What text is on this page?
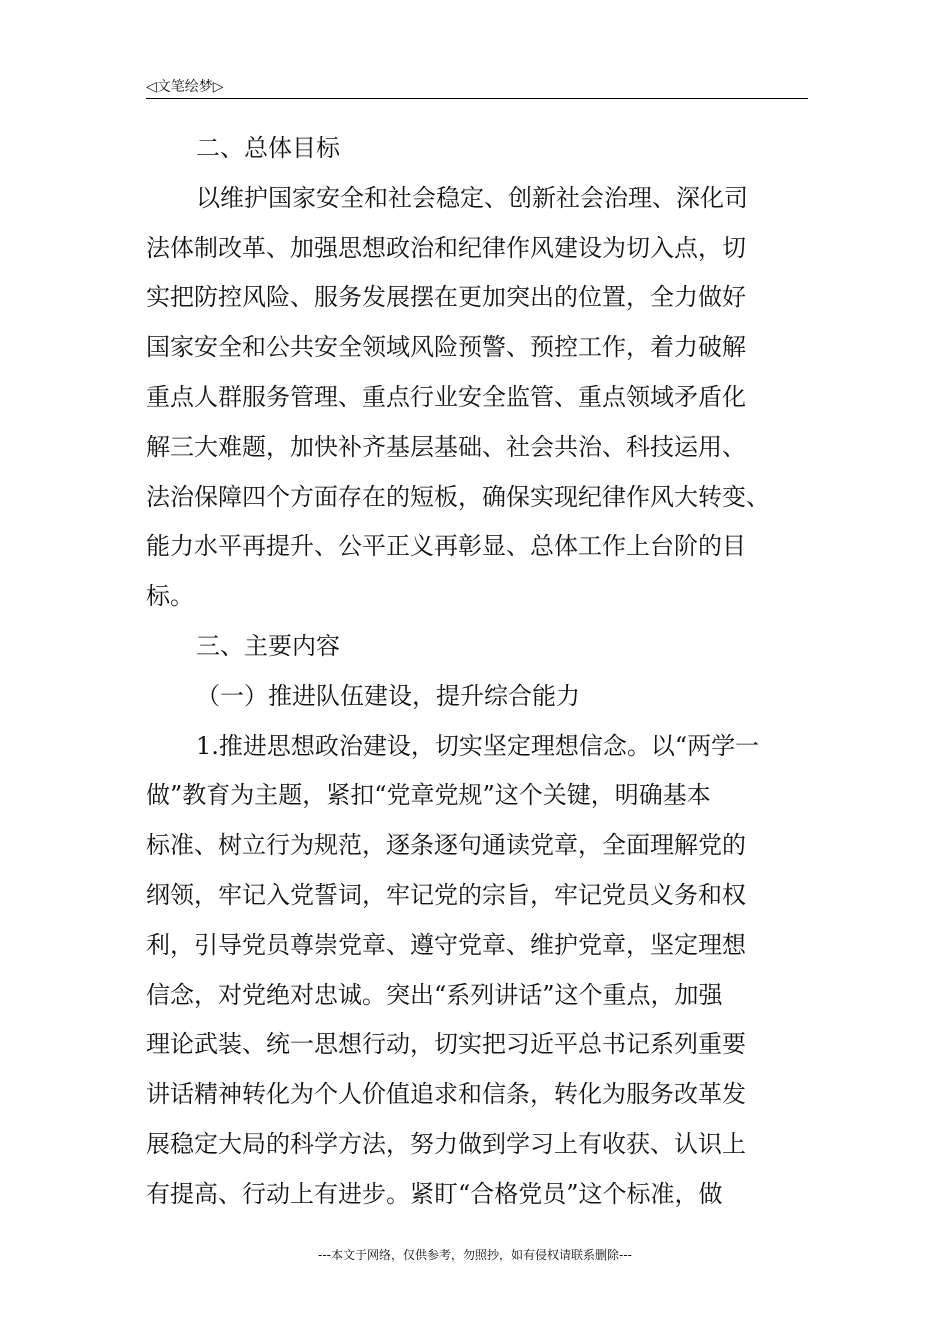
◁文笔绘梦▷
二、总体目标
以维护国家安全和社会稳定、创新社会治理、深化司
法体制改革、加强思想政治和纪律作风建设为切入点，切
实把防控风险、服务发展摆在更加突出的位置，全力做好
国家安全和公共安全领域风险预警、预控工作，着力破解
重点人群服务管理、重点行业安全监管、重点领域矛盾化
解三大难题，加快补齐基层基础、社会共治、科技运用、
法治保障四个方面存在的短板，确保实现纪律作风大转变、
能力水平再提升、公平正义再彰显、总体工作上台阶的目
标。
三、主要内容
（一）推进队伍建设，提升综合能力
1.推进思想政治建设，切实坚定理想信念。以“两学一
做”教育为主题，紧扣“党章党规”这个关键，明确基本
标准、树立行为规范，逐条逐句通读党章，全面理解党的
纲领，牢记入党誓词，牢记党的宗旨，牢记党员义务和权
利，引导党员尊崇党章、遵守党章、维护党章，坚定理想
信念，对党绝对忠诚。突出“系列讲话”这个重点，加强
理论武装、统一思想行动，切实把习近平总书记系列重要
讲话精神转化为个人价值追求和信条，转化为服务改革发
展稳定大局的科学方法，努力做到学习上有收获、认识上
有提高、行动上有进步。紧盯“合格党员”这个标准，做
---本文于网络，仅供参考，勿照抄，如有侵权请联系删除---
